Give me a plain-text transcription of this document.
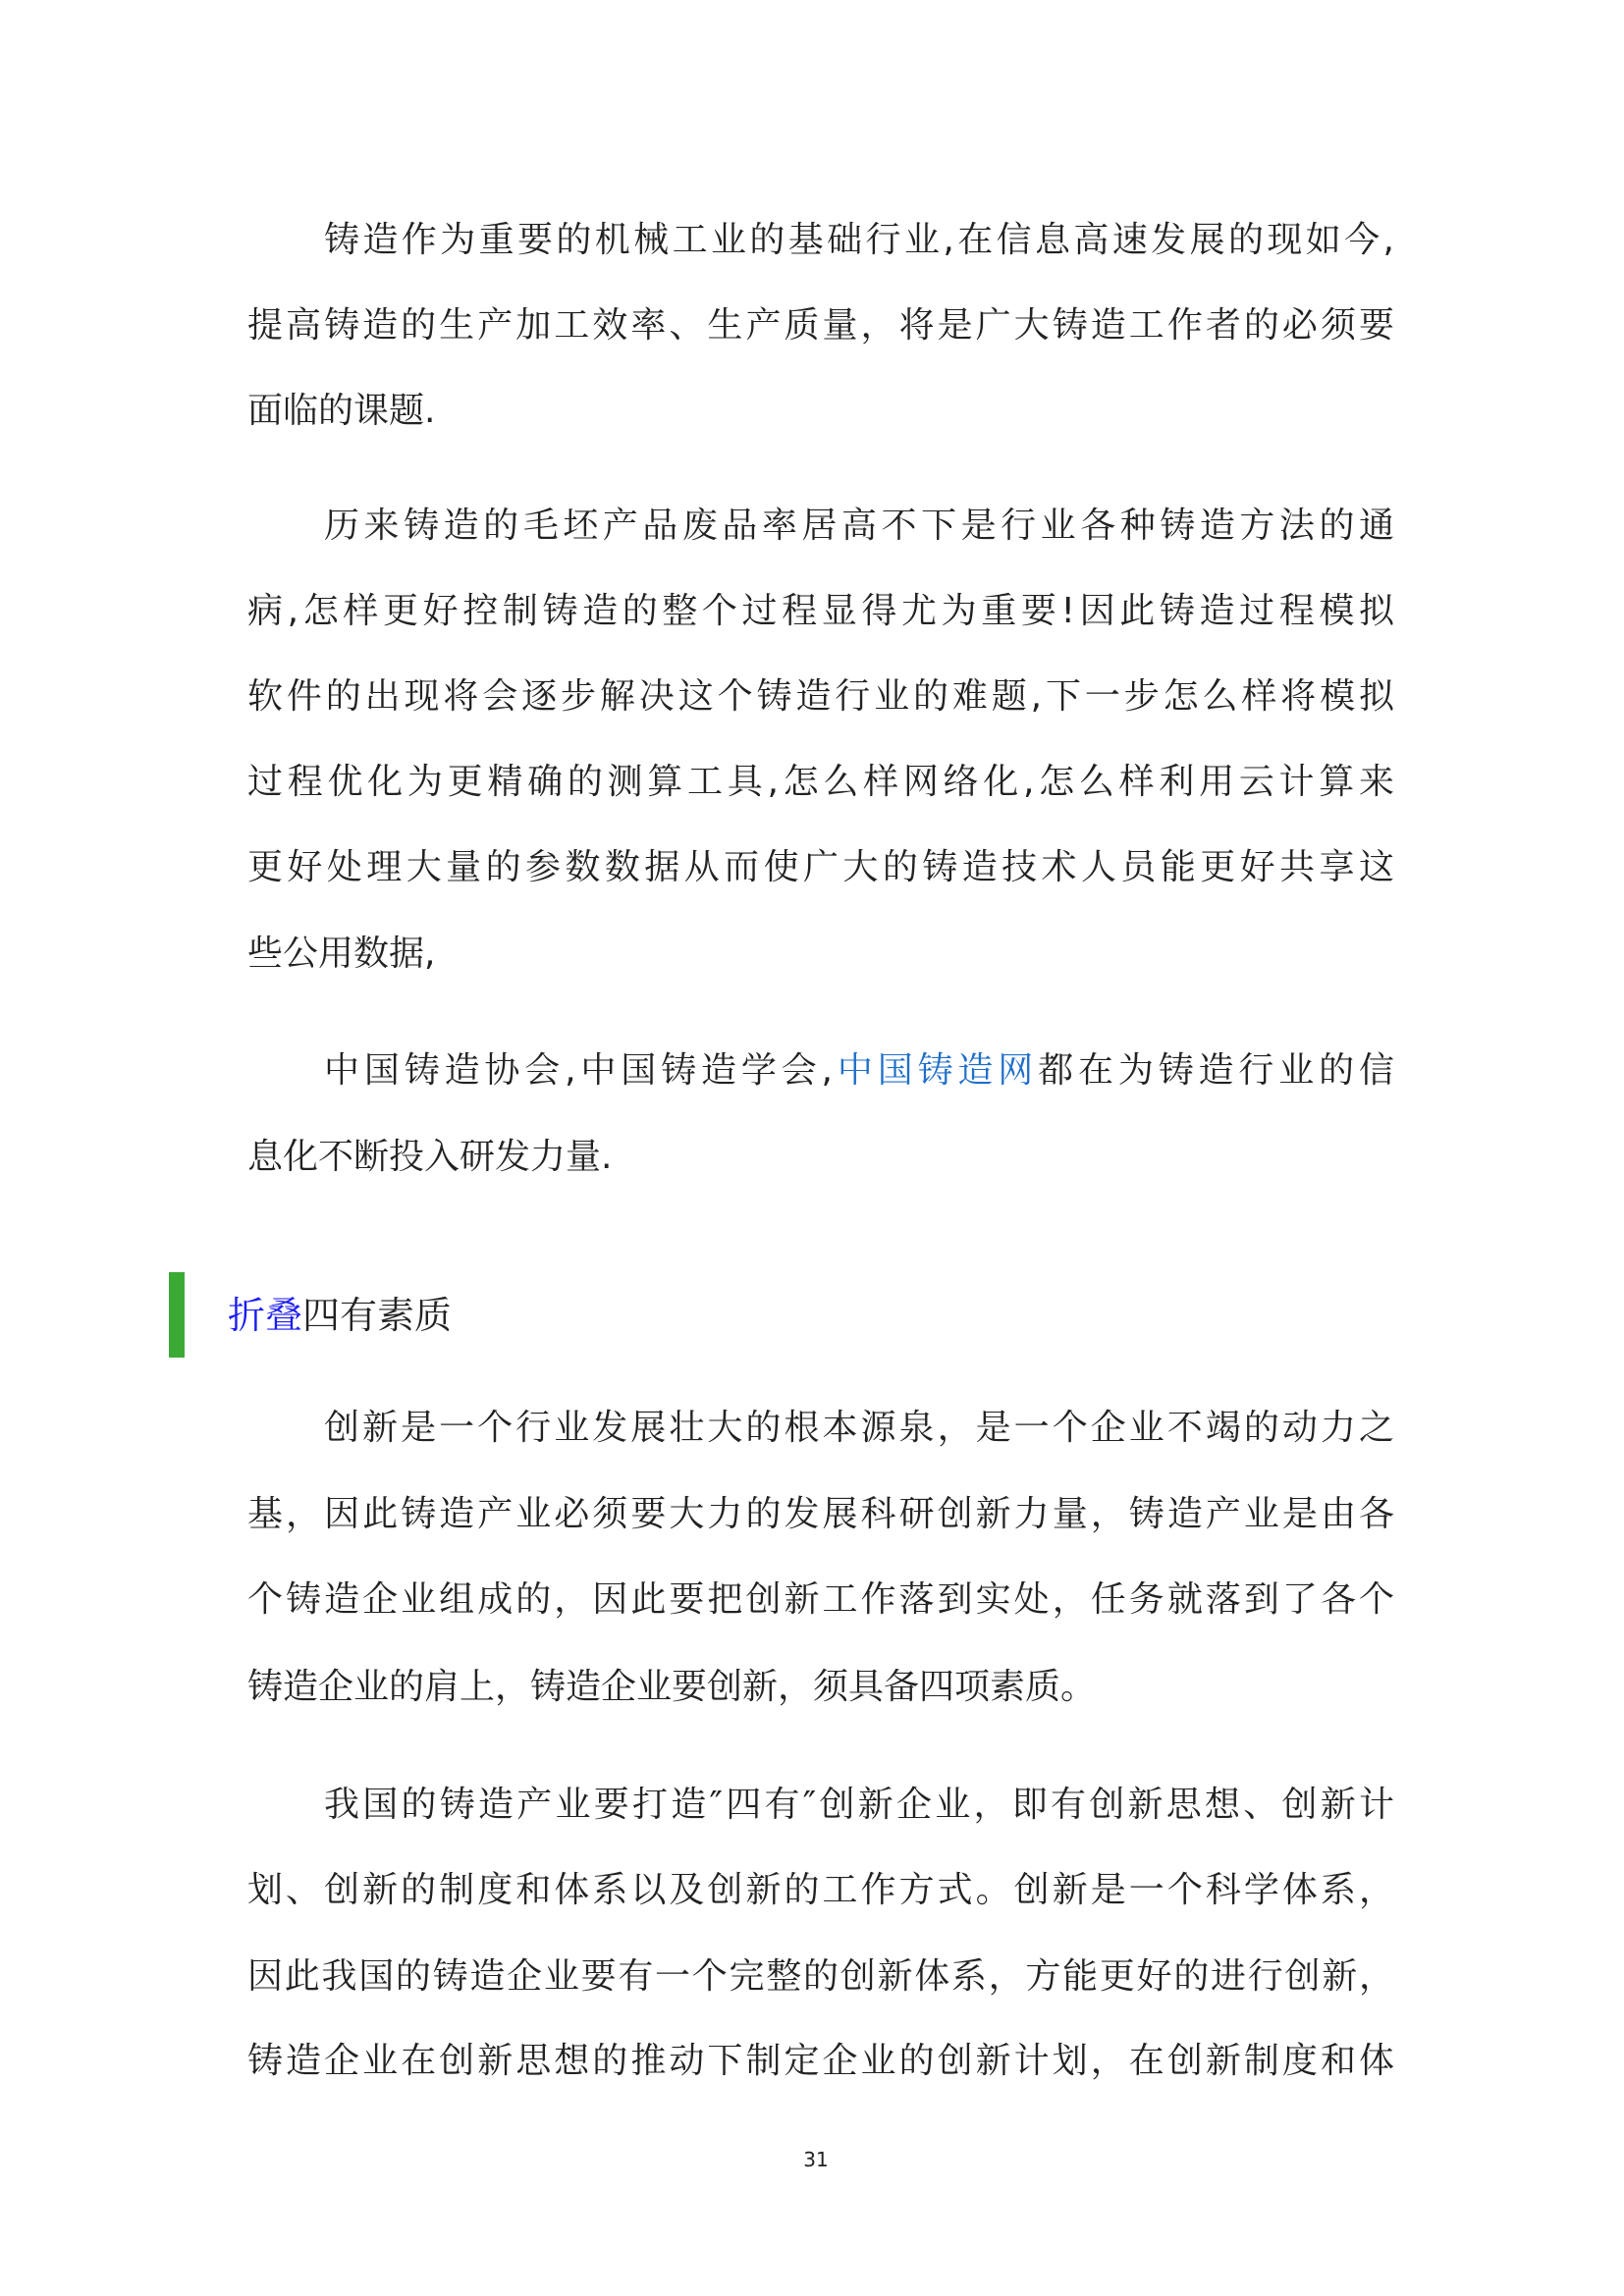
铸造作为重要的机械工业的基础行业,在信息高速发展的现如今,
提高铸造的生产加工效率、生产质量，将是广大铸造工作者的必须要
面临的课题.
历来铸造的毛坯产品废品率居高不下是行业各种铸造方法的通
病,怎样更好控制铸造的整个过程显得尤为重要!因此铸造过程模拟
软件的出现将会逐步解决这个铸造行业的难题,下一步怎么样将模拟
过程优化为更精确的测算工具,怎么样网络化,怎么样利用云计算来
更好处理大量的参数数据从而使广大的铸造技术人员能更好共享这
些公用数据,
中国铸造协会,中国铸造学会,中国铸造网都在为铸造行业的信
息化不断投入研发力量.
创新是一个行业发展壮大的根本源泉，是一个企业不竭的动力之
基，因此铸造产业必须要大力的发展科研创新力量，铸造产业是由各
个铸造企业组成的，因此要把创新工作落到实处，任务就落到了各个
铸造企业的肩上，铸造企业要创新，须具备四项素质。
我国的铸造产业要打造″四有″创新企业，即有创新思想、创新计
划、创新的制度和体系以及创新的工作方式。创新是一个科学体系，
因此我国的铸造企业要有一个完整的创新体系，方能更好的进行创新，
铸造企业在创新思想的推动下制定企业的创新计划，在创新制度和体
折叠四有素质
31
